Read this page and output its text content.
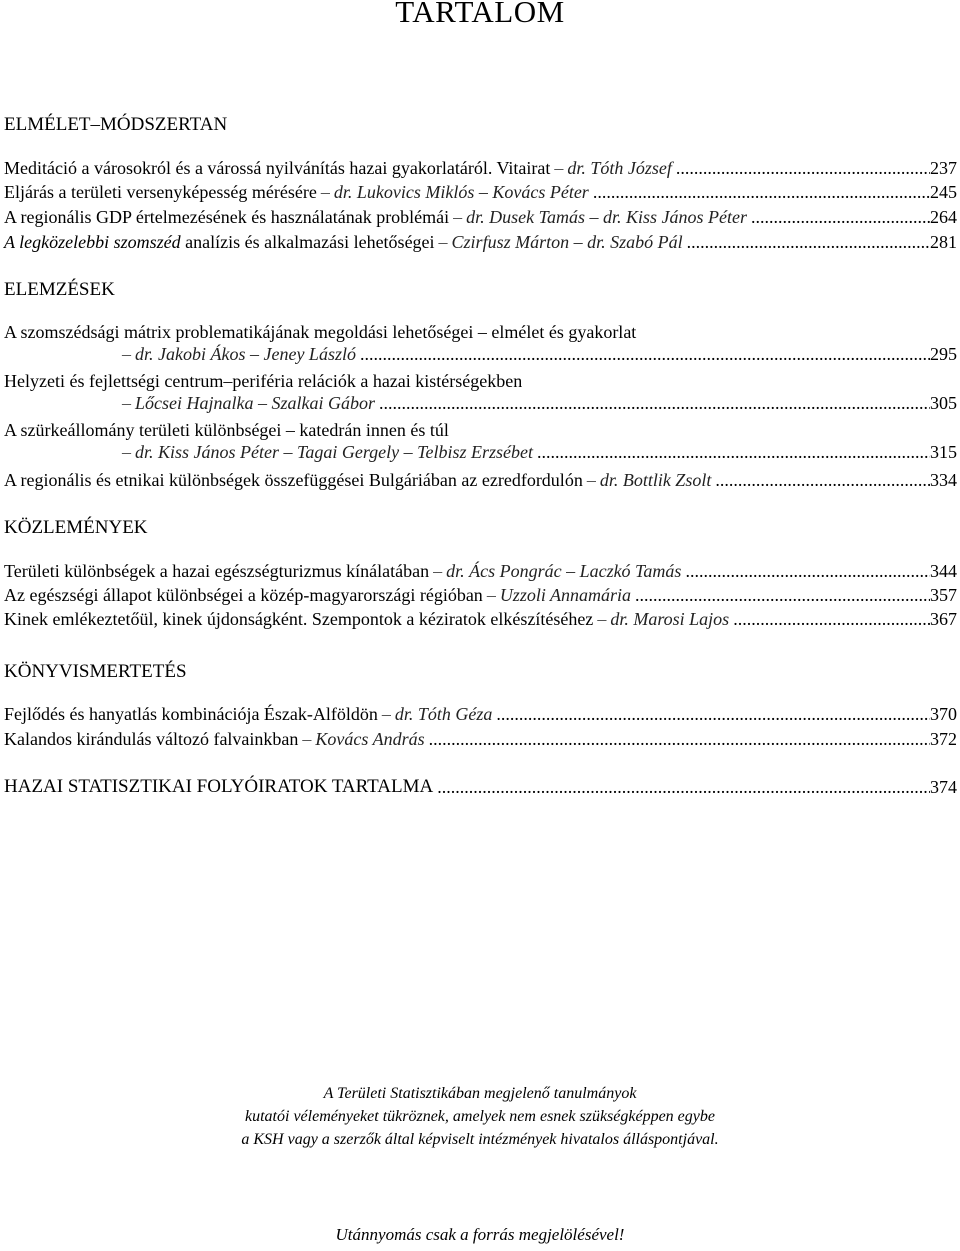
TARTALOM
ELMÉLET–MÓDSZERTAN
Meditáció a városokról és a várossá nyilvánítás hazai gyakorlatáról. Vitairat – dr. Tóth József .....	237
Eljárás a területi versenyképesség mérésére – dr. Lukovics Miklós – Kovács Péter .....	245
A regionális GDP értelmezésének és használatának problémái – dr. Dusek Tamás – dr. Kiss János Péter .....	264
A legközelebbi szomszéd analízis és alkalmazási lehetőségei – Czirfusz Márton – dr. Szabó Pál .....	281
ELEMZÉSEK
A szomszédsági mátrix problematikájának megoldási lehetőségei – elmélet és gyakorlat
– dr. Jakobi Ákos – Jeney László .....	295
Helyzeti és fejlettségi centrum–periféria relációk a hazai kistérségekben
– Lőcsei Hajnalka – Szalkai Gábor .....	305
A szürkeállomány területi különbségei – katedrán innen és túl
– dr. Kiss János Péter – Tagai Gergely – Telbisz Erzsébet .....	315
A regionális és etnikai különbségek összefüggései Bulgáriában az ezredfordulón – dr. Bottlik Zsolt .....	334
KÖZLEMÉNYEK
Területi különbségek a hazai egészségturizmus kínálatában – dr. Ács Pongrác – Laczkó Tamás .....	344
Az egészségi állapot különbségei a közép-magyarországi régióban – Uzzoli Annamária .....	357
Kinek emlékeztetőül, kinek újdonságként. Szempontok a kéziratok elkészítéséhez – dr. Marosi Lajos .....	367
KÖNYVISMERTETÉS
Fejlődés és hanyatlás kombinációja Észak-Alföldön – dr. Tóth Géza .....	370
Kalandos kirándulás változó falvainkban – Kovács András .....	372
HAZAI STATISZTIKAI FOLYÓIRATOK TARTALMA .....	374
A Területi Statisztikában megjelenő tanulmányok
kutatói véleményeket tükröznek, amelyek nem esnek szükségképpen egybe
a KSH vagy a szerzők által képviselt intézmények hivatalos álláspontjával.
Utánnyomás csak a forrás megjelölésével!
